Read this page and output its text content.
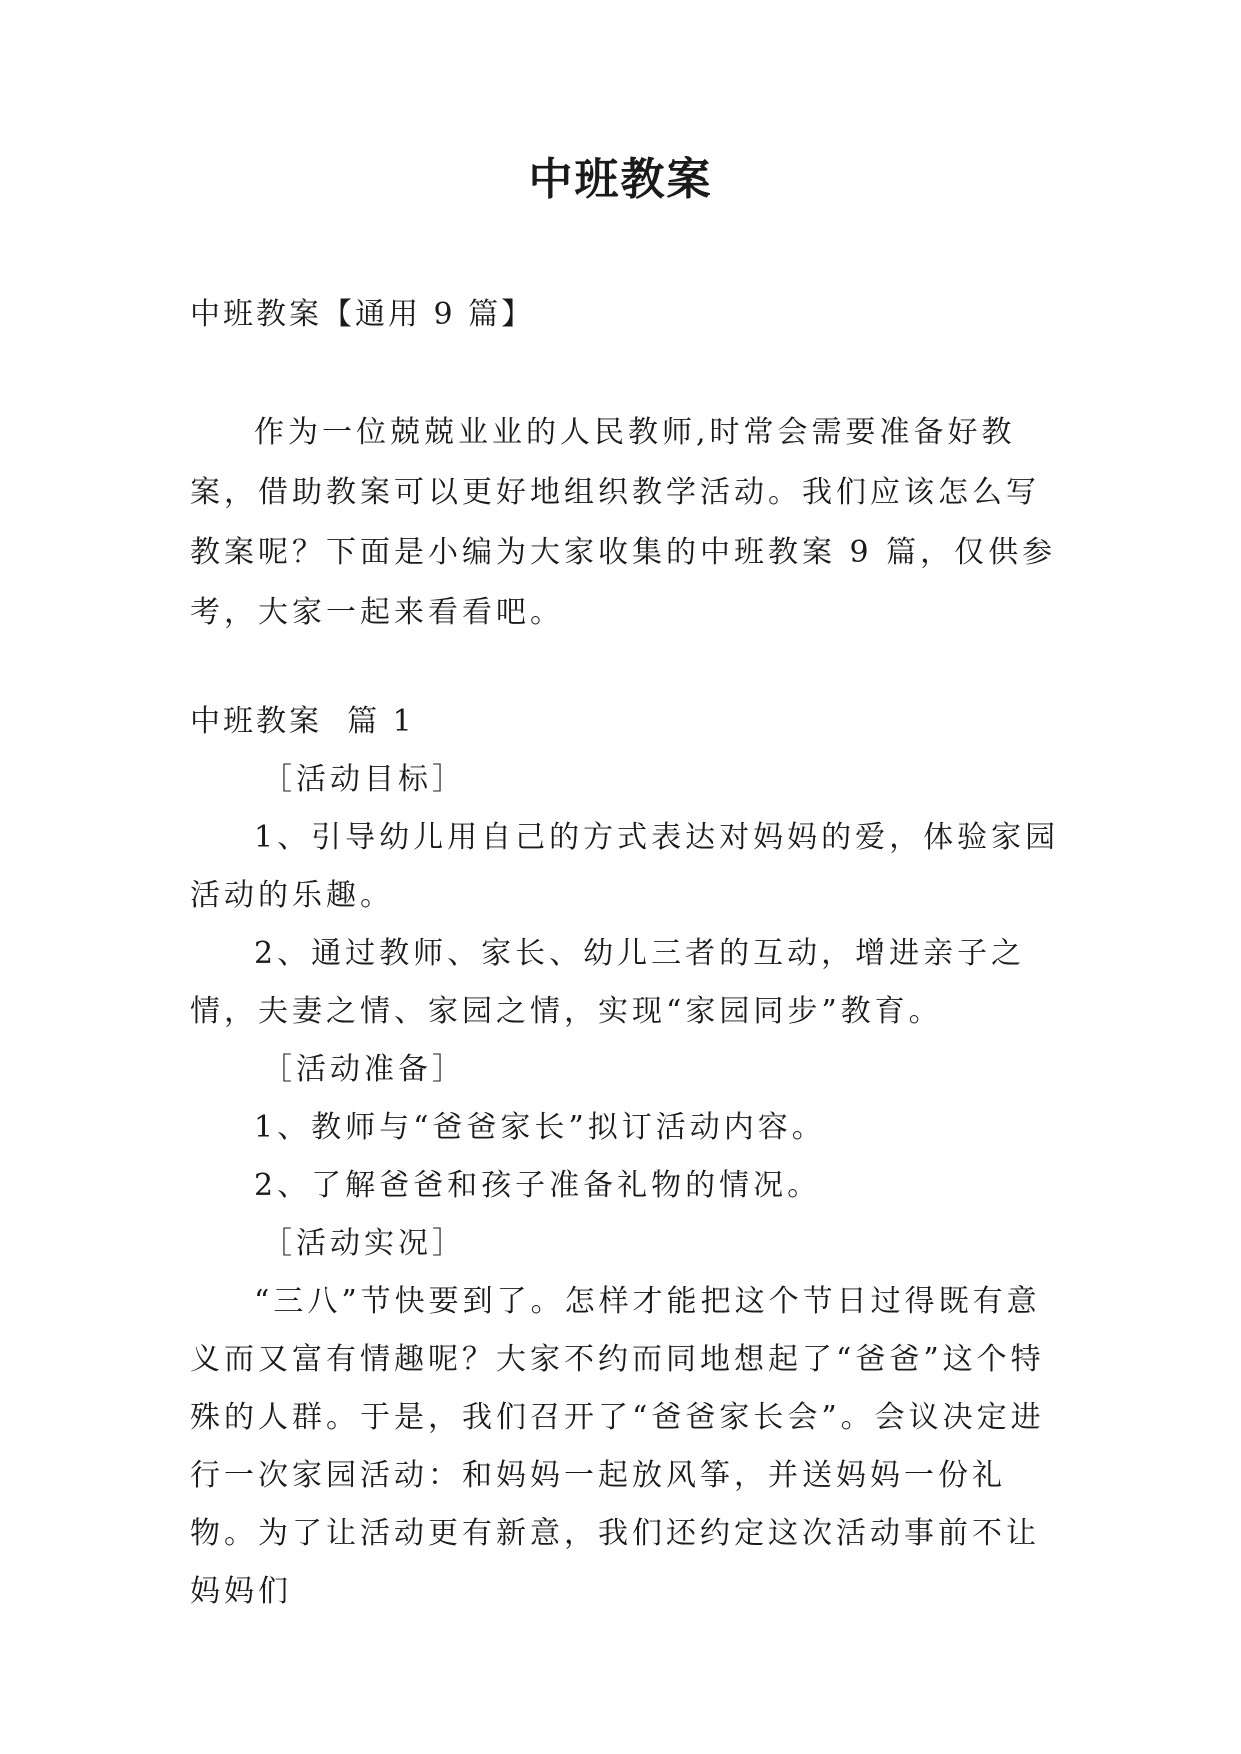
中班教案
中班教案【通用 9 篇】

作为一位兢兢业业的人民教师,时常会需要准备好教案，借助教案可以更好地组织教学活动。我们应该怎么写教案呢？下面是小编为大家收集的中班教案 9 篇，仅供参考，大家一起来看看吧。

中班教案  篇 1

［活动目标］

1、引导幼儿用自己的方式表达对妈妈的爱，体验家园活动的乐趣。

2、通过教师、家长、幼儿三者的互动，增进亲子之情，夫妻之情、家园之情，实现“家园同步”教育。

［活动准备］

1、教师与“爸爸家长”拟订活动内容。

2、了解爸爸和孩子准备礼物的情况。

［活动实况］

“三八”节快要到了。怎样才能把这个节日过得既有意义而又富有情趣呢？大家不约而同地想起了“爸爸”这个特殊的人群。于是，我们召开了“爸爸家长会”。会议决定进行一次家园活动：和妈妈一起放风筝，并送妈妈一份礼物。为了让活动更有新意，我们还约定这次活动事前不让妈妈们
